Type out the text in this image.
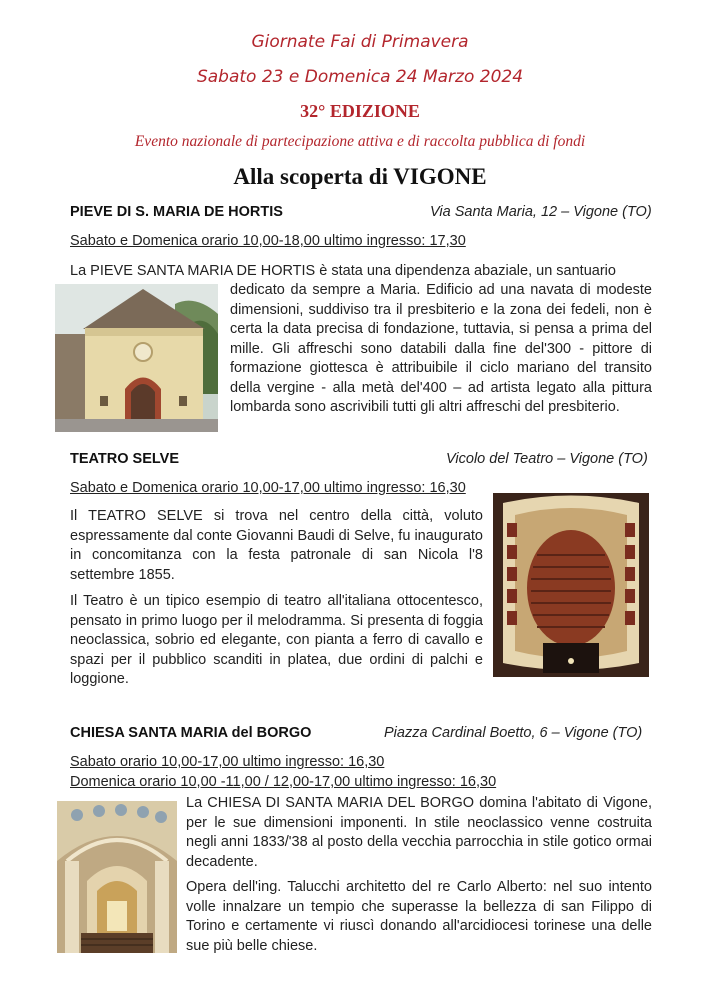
Giornate Fai di Primavera
Sabato 23 e Domenica 24 Marzo 2024
32° EDIZIONE
Evento nazionale di partecipazione attiva e di raccolta pubblica di fondi
Alla scoperta di VIGONE
PIEVE DI S. MARIA DE HORTIS	Via Santa Maria, 12 – Vigone (TO)
Sabato e Domenica orario 10,00-18,00 ultimo ingresso: 17,30
La PIEVE SANTA MARIA DE HORTIS è stata una dipendenza abaziale, un santuario
dedicato da sempre a Maria. Edificio ad una navata di modeste dimensioni, suddiviso tra il presbiterio e la zona dei fedeli, non è certa la data precisa di fondazione, tuttavia, si pensa a prima del mille. Gli affreschi sono databili dalla fine del'300 - pittore di formazione giottesca è attribuibile il ciclo mariano del transito della vergine - alla metà del'400 – ad artista legato alla pittura lombarda sono ascrivibili tutti gli altri affreschi del presbiterio.
TEATRO SELVE	Vicolo del Teatro – Vigone (TO)
Sabato e Domenica orario 10,00-17,00 ultimo ingresso: 16,30
Il TEATRO SELVE si trova nel centro della città, voluto espressamente dal conte Giovanni Baudi di Selve, fu inaugurato in concomitanza con la festa patronale di san Nicola l'8 settembre 1855.
Il Teatro è un tipico esempio di teatro all'italiana ottocentesco, pensato in primo luogo per il melodramma. Si presenta di foggia neoclassica, sobrio ed elegante, con pianta a ferro di cavallo e spazi per il pubblico scanditi in platea, due ordini di palchi e loggione.
CHIESA SANTA MARIA del BORGO	Piazza Cardinal Boetto, 6 – Vigone (TO)
Sabato orario 10,00-17,00 ultimo ingresso: 16,30
Domenica orario 10,00 -11,00 / 12,00-17,00 ultimo ingresso: 16,30
La CHIESA DI SANTA MARIA DEL BORGO domina l'abitato di Vigone, per le sue dimensioni imponenti. In stile neoclassico venne costruita negli anni 1833/'38 al posto della vecchia parrocchia in stile gotico ormai decadente.
Opera dell'ing. Talucchi architetto del re Carlo Alberto: nel suo intento volle innalzare un tempio che superasse la bellezza di san Filippo di Torino e certamente vi riuscì donando all'arcidiocesi torinese una delle sue più belle chiese.
